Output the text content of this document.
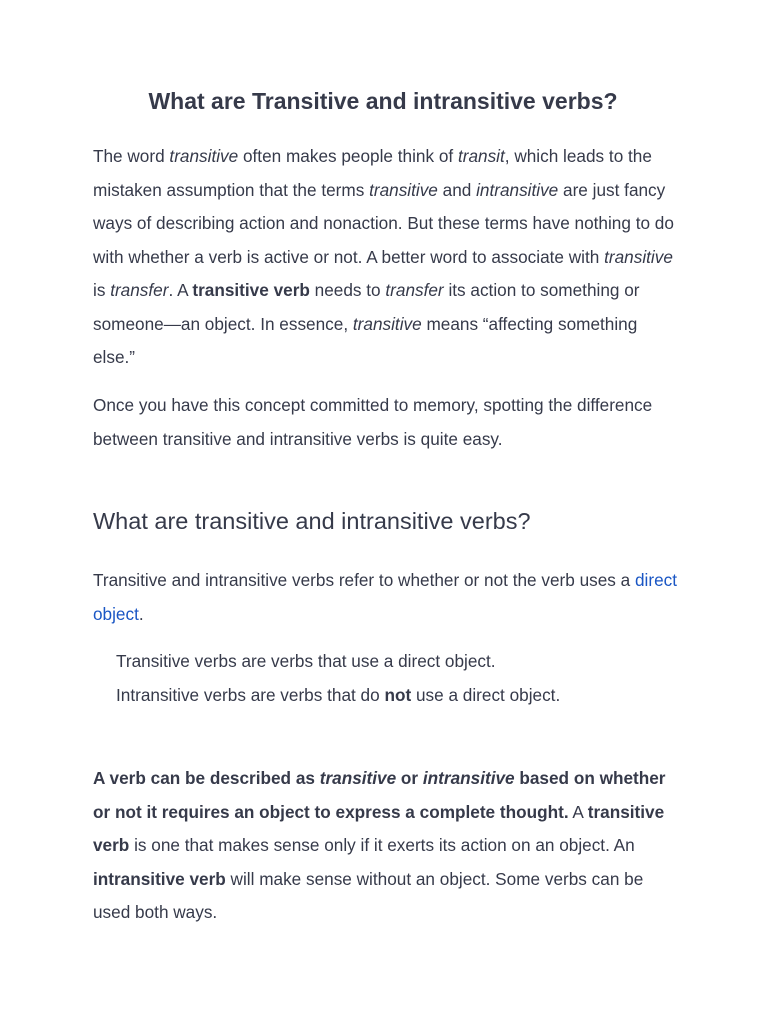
What are Transitive and intransitive verbs?

The word transitive often makes people think of transit, which leads to the mistaken assumption that the terms transitive and intransitive are just fancy ways of describing action and nonaction. But these terms have nothing to do with whether a verb is active or not. A better word to associate with transitive is transfer. A transitive verb needs to transfer its action to something or someone—an object. In essence, transitive means “affecting something else.”

Once you have this concept committed to memory, spotting the difference between transitive and intransitive verbs is quite easy.

What are transitive and intransitive verbs?

Transitive and intransitive verbs refer to whether or not the verb uses a direct object.

Transitive verbs are verbs that use a direct object.
Intransitive verbs are verbs that do not use a direct object.

A verb can be described as transitive or intransitive based on whether or not it requires an object to express a complete thought. A transitive verb is one that makes sense only if it exerts its action on an object. An intransitive verb will make sense without an object. Some verbs can be used both ways.
